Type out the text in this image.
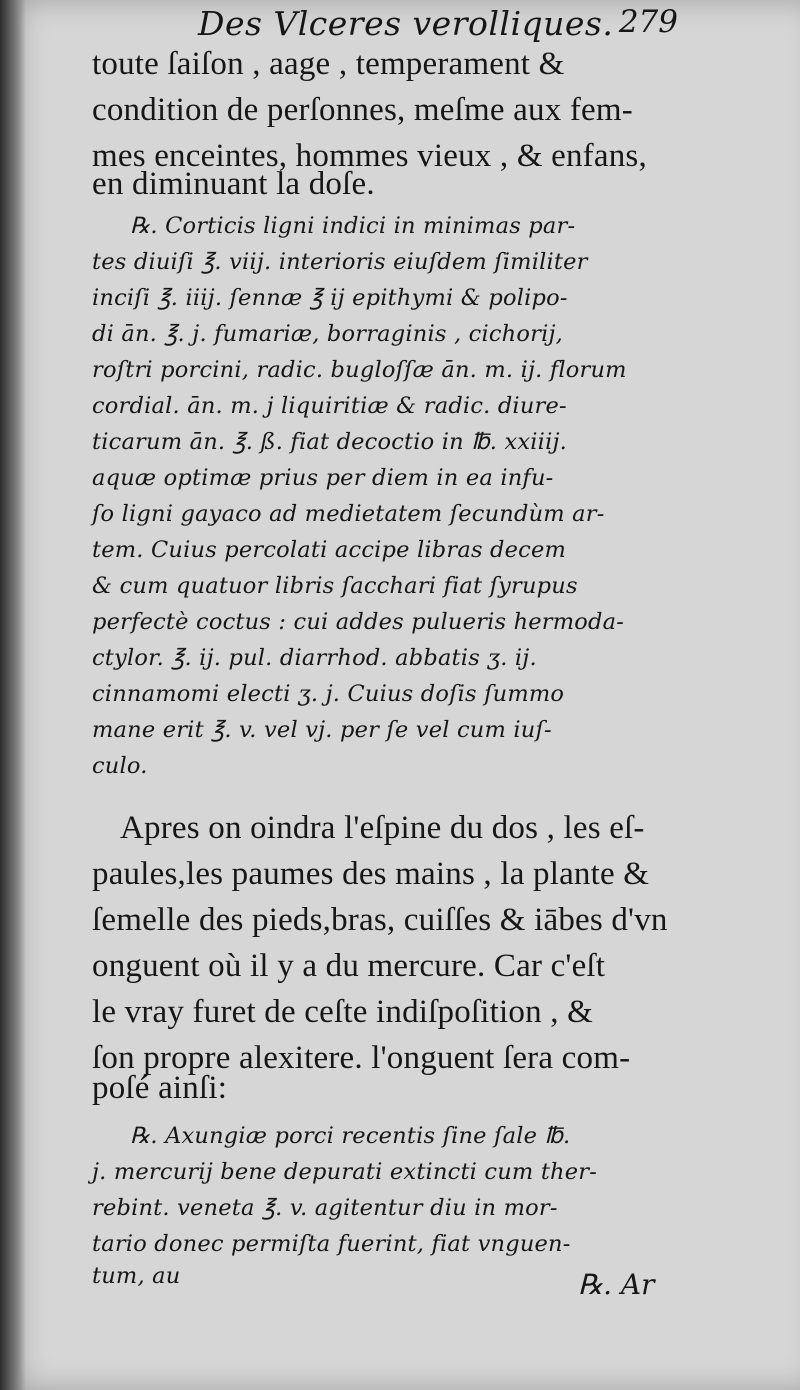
Des Vlceres verolliques. 279
toute ſaiſon , aage , temperament &
condition de perſonnes, meſme aux fem-
mes enceintes, hommes vieux , & enfans,
en diminuant la doſe.
℞. Corticis ligni indici in minimas par-
tes diuiſi ℥. viij. interioris eiuſdem ſimiliter
inciſi ℥. iiij. ſennæ ℥ ij epithymi & polipo-
di ān. ℥. j. fumariæ, borraginis , cichorij,
roſtri porcini, radic. bugloſſæ ān. m. ij. florum
cordial. ān. m. j liquiritiæ & radic. diure-
ticarum ān. ℥. ß. fiat decoctio in ℔. xxiiij.
aquæ optimæ prius per diem in ea infu-
ſo ligni gayaco ad medietatem ſecundùm ar-
tem. Cuius percolati accipe libras decem
& cum quatuor libris ſacchari fiat ſyrupus
perfectè coctus : cui addes pulueris hermoda-
ctylor. ℥. ij. pul. diarrhod. abbatis ʒ. ij.
cinnamomi electi ʒ. j. Cuius doſis ſummo
mane erit ℥. v. vel vj. per ſe vel cum iuſ-
culo.
Apres on oindra l'eſpine du dos , les eſ-
paules,les paumes des mains , la plante &
ſemelle des pieds,bras, cuiſſes & iābes d'vn
onguent où il y a du mercure. Car c'eſt
le vray furet de ceſte indiſpoſition , &
ſon propre alexitere. l'onguent ſera com-
poſé ainſi:
℞. Axungiæ porci recentis ſine ſale ℔.
j. mercurij bene depurati extincti cum ther-
rebint. veneta ℥. v. agitentur diu in mor-
tario donec permiſta fuerint, fiat vnguen-
tum, au	℞. Ar
